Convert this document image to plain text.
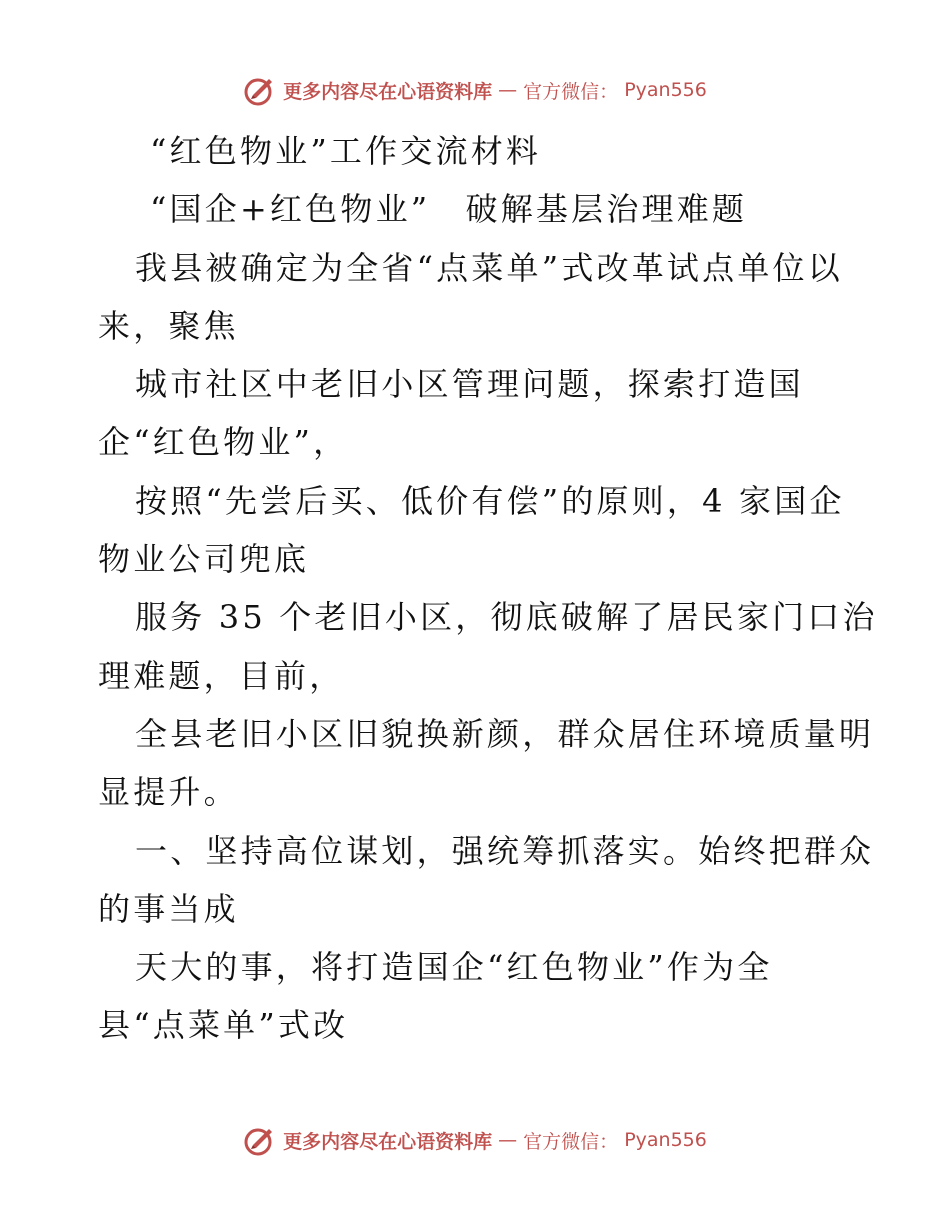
更多内容尽在心语资料库 — 官方微信： Pyan556
“红色物业”工作交流材料
“国企+红色物业”　破解基层治理难题
我县被确定为全省“点菜单”式改革试点单位以
来，聚焦
城市社区中老旧小区管理问题，探索打造国
企“红色物业”，
按照“先尝后买、低价有偿”的原则，4 家国企
物业公司兜底
服务 35 个老旧小区，彻底破解了居民家门口治
理难题，目前，
全县老旧小区旧貌换新颜，群众居住环境质量明
显提升。
一、坚持高位谋划，强统筹抓落实。始终把群众
的事当成
天大的事，将打造国企“红色物业”作为全
县“点菜单”式改
更多内容尽在心语资料库 — 官方微信： Pyan556
